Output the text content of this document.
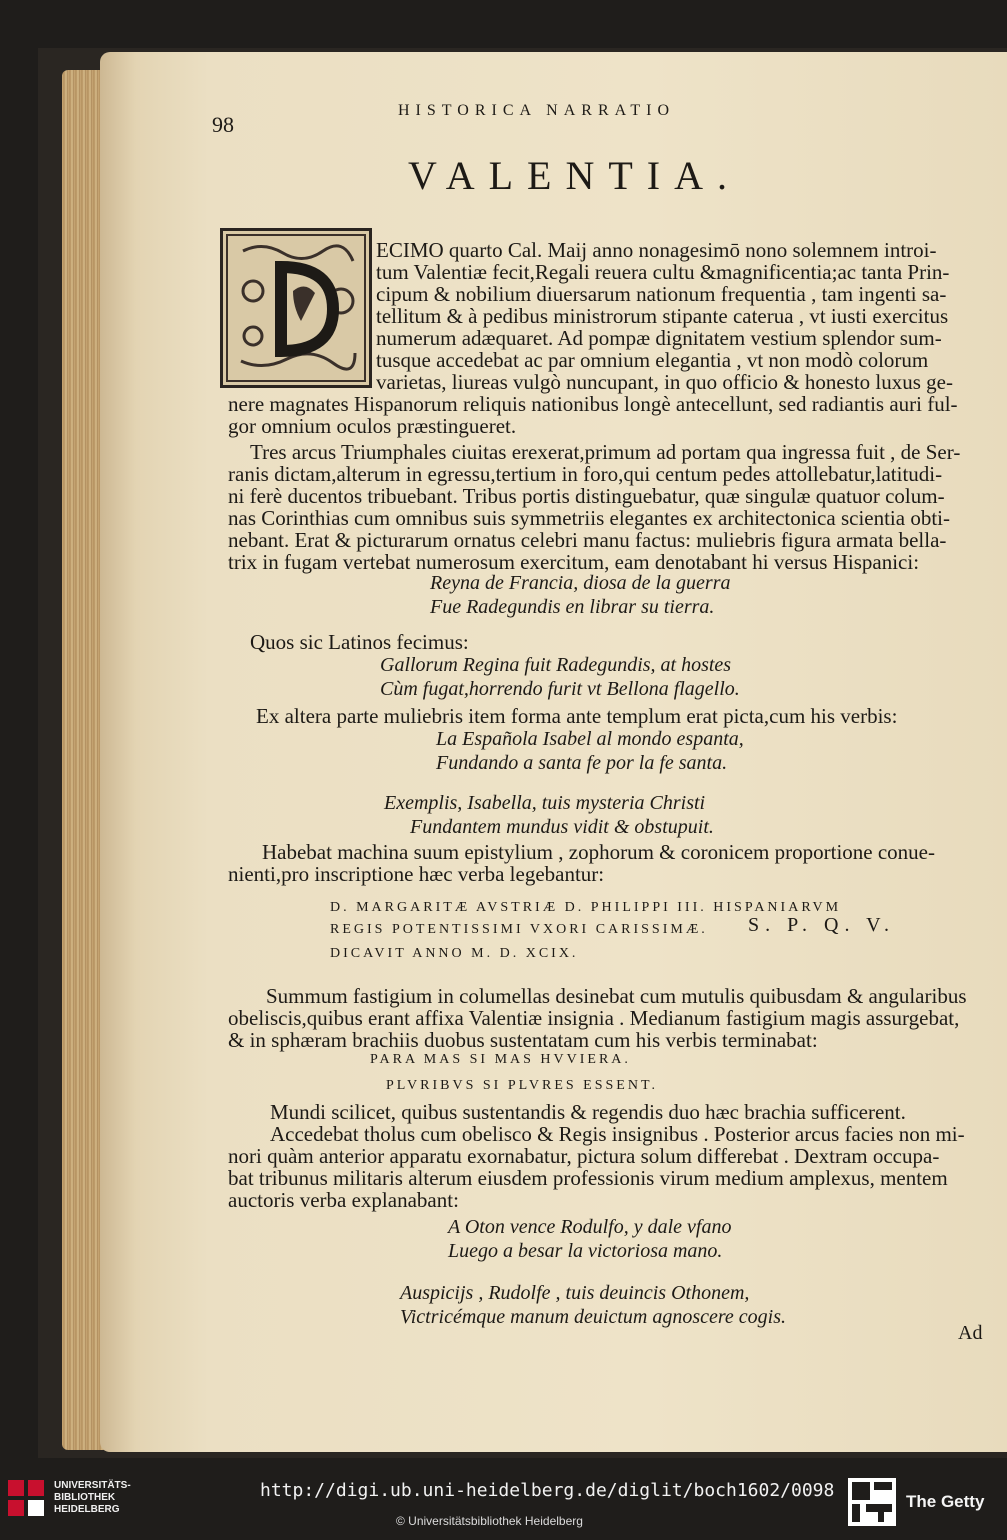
98
HISTORICA NARRATIO
VALENTIA.
Ad
ECIMO quarto Cal. Maij anno nonagesimō nono solemnem introi-
tum Valentiæ fecit,Regali reuera cultu &magnificentia;ac tanta Prin-
cipum & nobilium diuersarum nationum frequentia , tam ingenti sa-
tellitum & à pedibus ministrorum stipante caterua , vt iusti exercitus
numerum adæquaret. Ad pompæ dignitatem vestium splendor sum-
tusque accedebat ac par omnium elegantia , vt non modò colorum
varietas, liureas vulgò nuncupant, in quo officio & honesto luxus ge-
nere magnates Hispanorum reliquis nationibus longè antecellunt, sed radiantis auri ful-
gor omnium oculos præstingueret.
Tres arcus Triumphales ciuitas erexerat,primum ad portam qua ingressa fuit , de Ser-
ranis dictam,alterum in egressu,tertium in foro,qui centum pedes attollebatur,latitudi-
ni ferè ducentos tribuebant. Tribus portis distinguebatur, quæ singulæ quatuor colum-
nas Corinthias cum omnibus suis symmetriis elegantes ex architectonica scientia obti-
nebant. Erat & picturarum ornatus celebri manu factus: muliebris figura armata bella-
trix in fugam vertebat numerosum exercitum, eam denotabant hi versus Hispanici:
Reyna de Francia, diosa de la guerra
Fue Radegundis en librar su tierra.
Quos sic Latinos fecimus:
Gallorum Regina fuit Radegundis, at hostes
Cùm fugat,horrendo furit vt Bellona flagello.
Ex altera parte muliebris item forma ante templum erat picta,cum his verbis:
La Española Isabel al mondo espanta,
Fundando a santa fe por la fe santa.
Exemplis, Isabella, tuis mysteria Christi
Fundantem mundus vidit & obstupuit.
Habebat machina suum epistylium , zophorum & coronicem proportione conue-
nienti,pro inscriptione hæc verba legebantur:
D. MARGARITÆ AVSTRIÆ D. PHILIPPI III. HISPANIARVM
REGIS POTENTISSIMI VXORI CARISSIMÆ.
DICAVIT ANNO M. D. XCIX.
S. P. Q. V.
Summum fastigium in columellas desinebat cum mutulis quibusdam & angularibus
obeliscis,quibus erant affixa Valentiæ insignia . Medianum fastigium magis assurgebat,
& in sphæram brachiis duobus sustentatam cum his verbis terminabat:
PARA MAS SI MAS HVVIERA.
PLVRIBVS SI PLVRES ESSENT.
Mundi scilicet, quibus sustentandis & regendis duo hæc brachia sufficerent.
Accedebat tholus cum obelisco & Regis insignibus . Posterior arcus facies non mi-
nori quàm anterior apparatu exornabatur, pictura solum differebat . Dextram occupa-
bat tribunus militaris alterum eiusdem professionis virum medium amplexus, mentem
auctoris verba explanabant:
A Oton vence Rodulfo, y dale vfano
Luego a besar la victoriosa mano.
Auspicijs , Rudolfe , tuis deuincis Othonem,
Victricémque manum deuictum agnoscere cogis.
UNIVERSITÄTS-
BIBLIOTHEK
HEIDELBERG
http://digi.ub.uni-heidelberg.de/diglit/boch1602/0098
© Universitätsbibliothek Heidelberg
The Getty
